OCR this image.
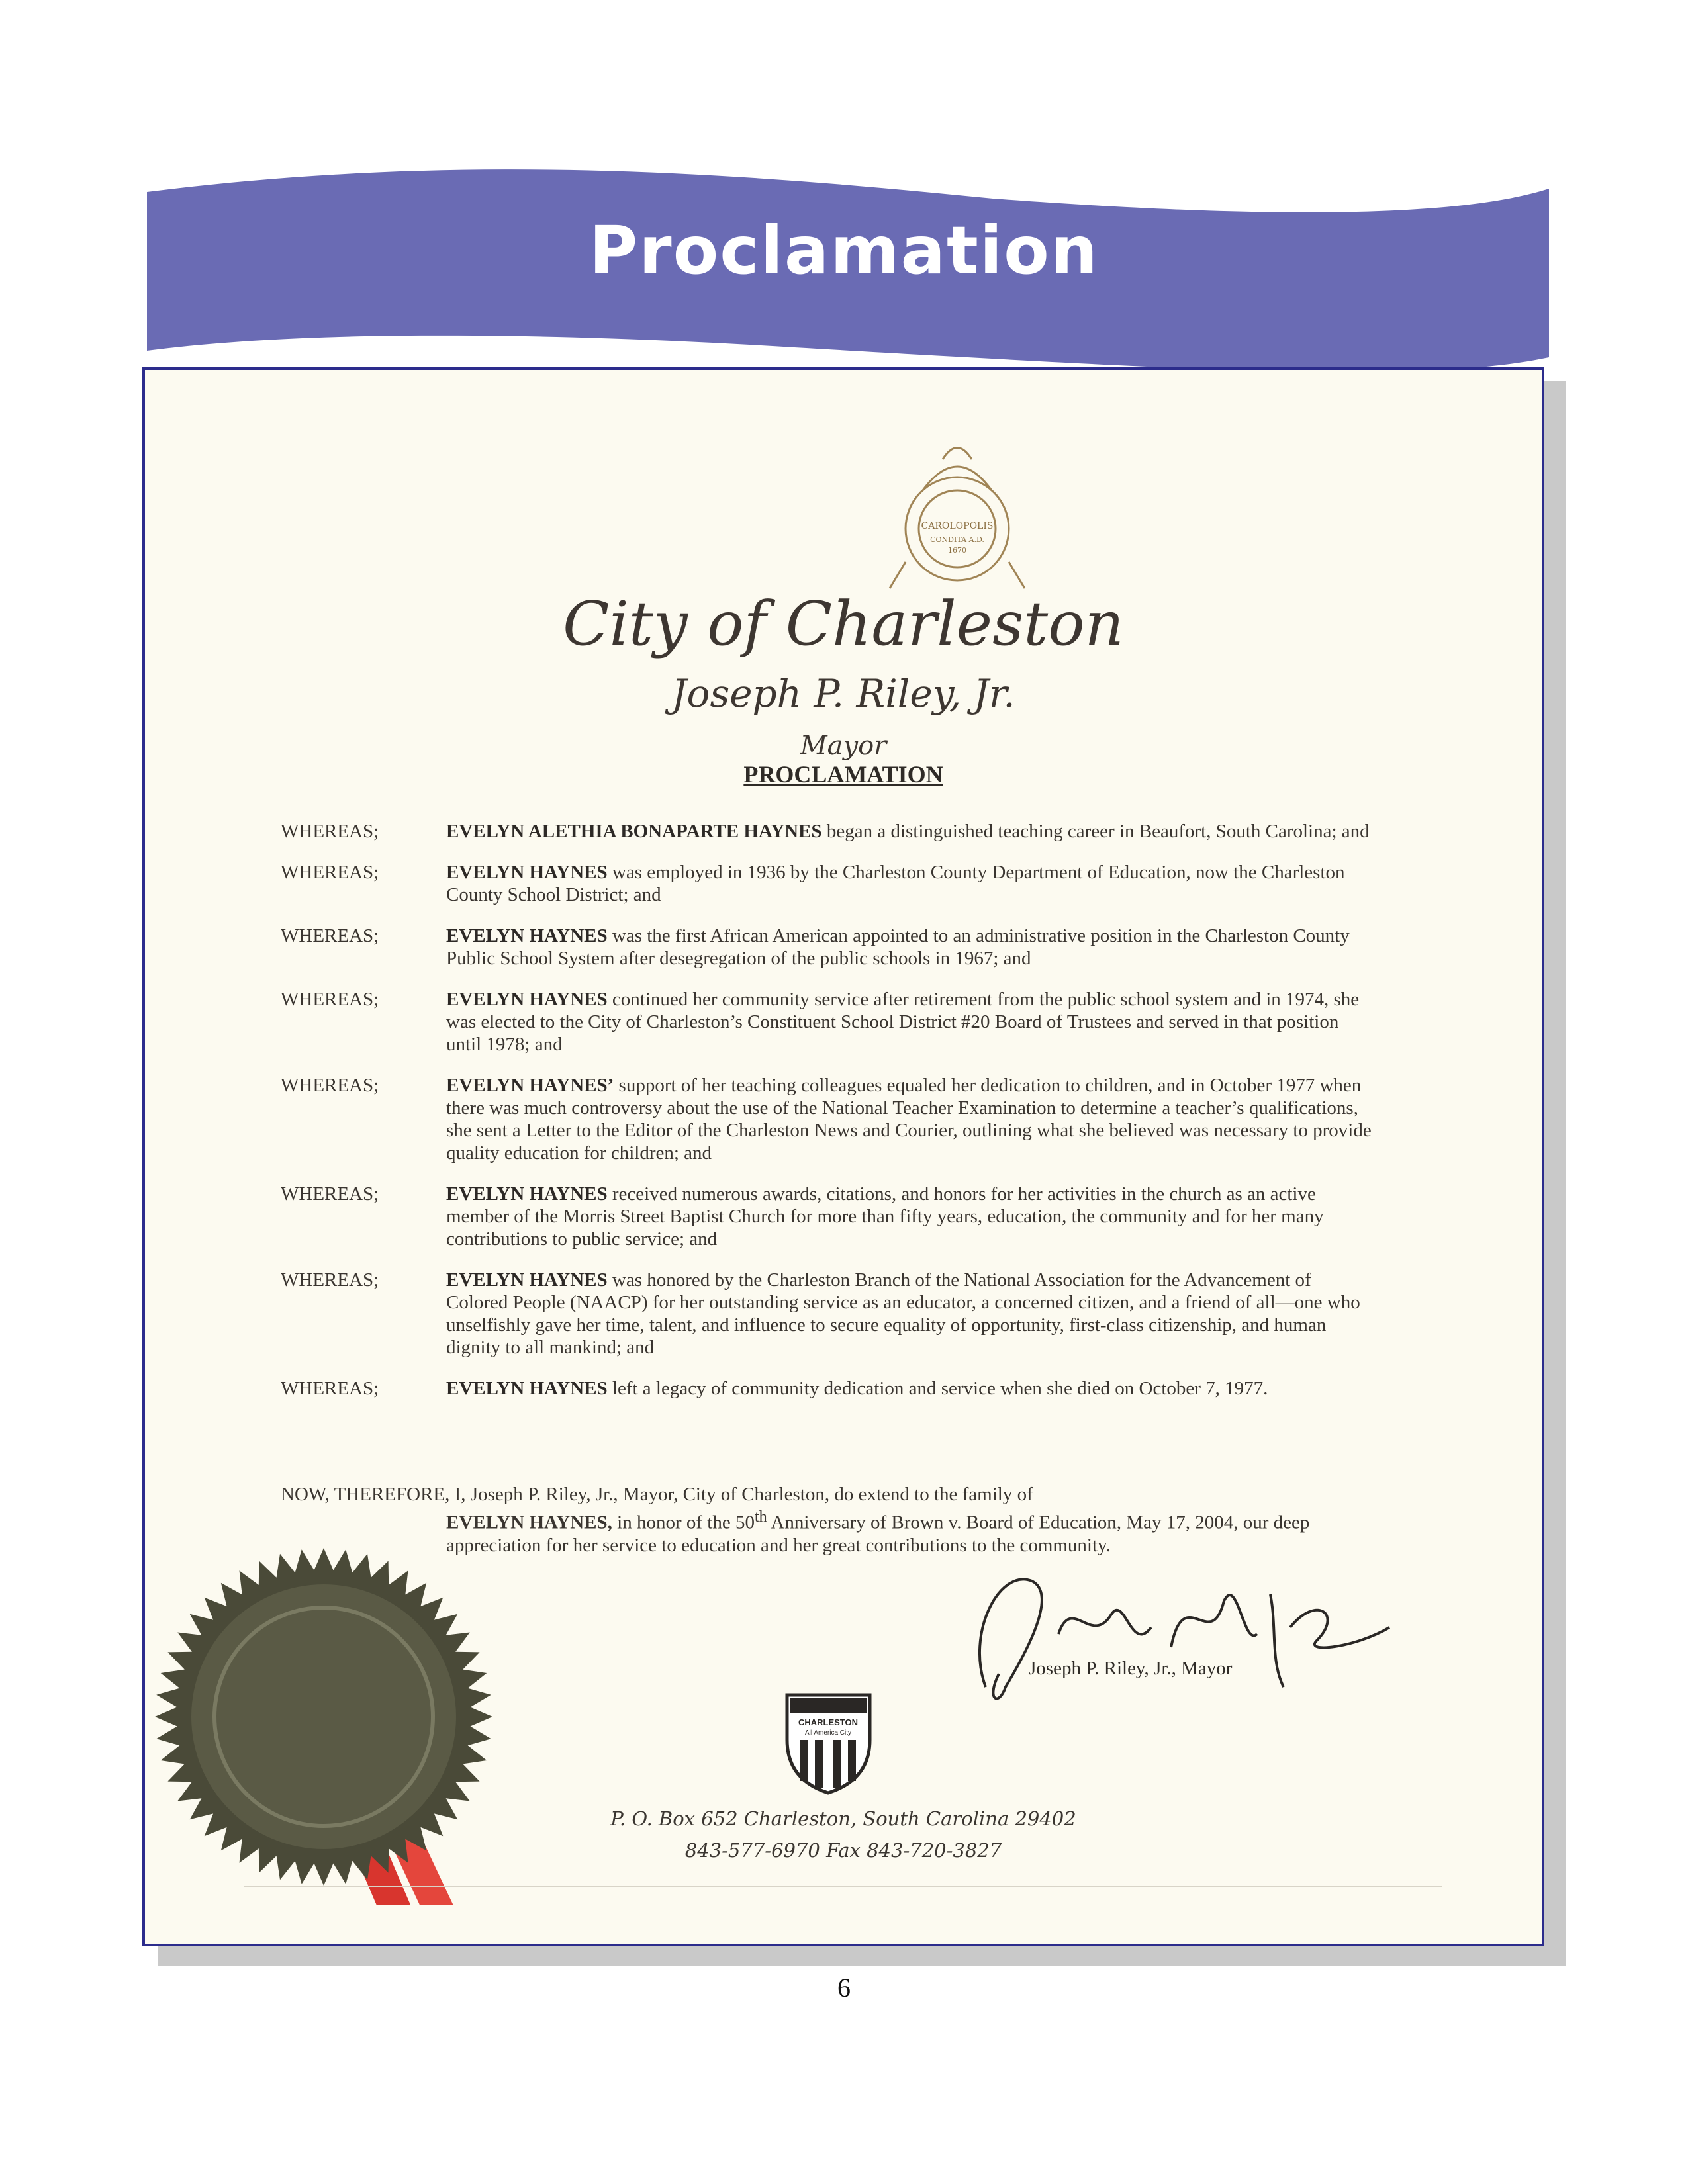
Proclamation
CAROLOPOLIS
CONDITA A.D.
1670
City of Charleston
Joseph P. Riley, Jr.
Mayor
PROCLAMATION
WHEREAS;	EVELYN ALETHIA BONAPARTE HAYNES began a distinguished teaching career in Beaufort, South Carolina; and
WHEREAS;	EVELYN HAYNES was employed in 1936 by the Charleston County Department of Education, now the Charleston County School District; and
WHEREAS;	EVELYN HAYNES was the first African American appointed to an administrative position in the Charleston County Public School System after desegregation of the public schools in 1967; and
WHEREAS;	EVELYN HAYNES continued her community service after retirement from the public school system and in 1974, she was elected to the City of Charleston’s Constituent School District #20 Board of Trustees and served in that position until 1978; and
WHEREAS;	EVELYN HAYNES’ support of her teaching colleagues equaled her dedication to children, and in October 1977 when there was much controversy about the use of the National Teacher Examination to determine a teacher’s qualifications, she sent a Letter to the Editor of the Charleston News and Courier, outlining what she believed was necessary to provide quality education for children; and
WHEREAS;	EVELYN HAYNES received numerous awards, citations, and honors for her activities in the church as an active member of the Morris Street Baptist Church for more than fifty years, education, the community and for her many contributions to public service; and
WHEREAS;	EVELYN HAYNES was honored by the Charleston Branch of the National Association for the Advancement of Colored People (NAACP) for her outstanding service as an educator, a concerned citizen, and a friend of all—one who unselfishly gave her time, talent, and influence to secure equality of opportunity, first-class citizenship, and human dignity to all mankind; and
WHEREAS;	EVELYN HAYNES left a legacy of community dedication and service when she died on October 7, 1977.
NOW, THEREFORE, I, Joseph P. Riley, Jr., Mayor, City of Charleston, do extend to the family of
EVELYN HAYNES, in honor of the 50th Anniversary of Brown v. Board of Education, May 17, 2004, our deep appreciation for her service to education and her great contributions to the community.
Joseph P. Riley, Jr., Mayor
CHARLESTON
All America City
P. O. Box 652 Charleston, South Carolina 29402
843-577-6970 Fax 843-720-3827
6
